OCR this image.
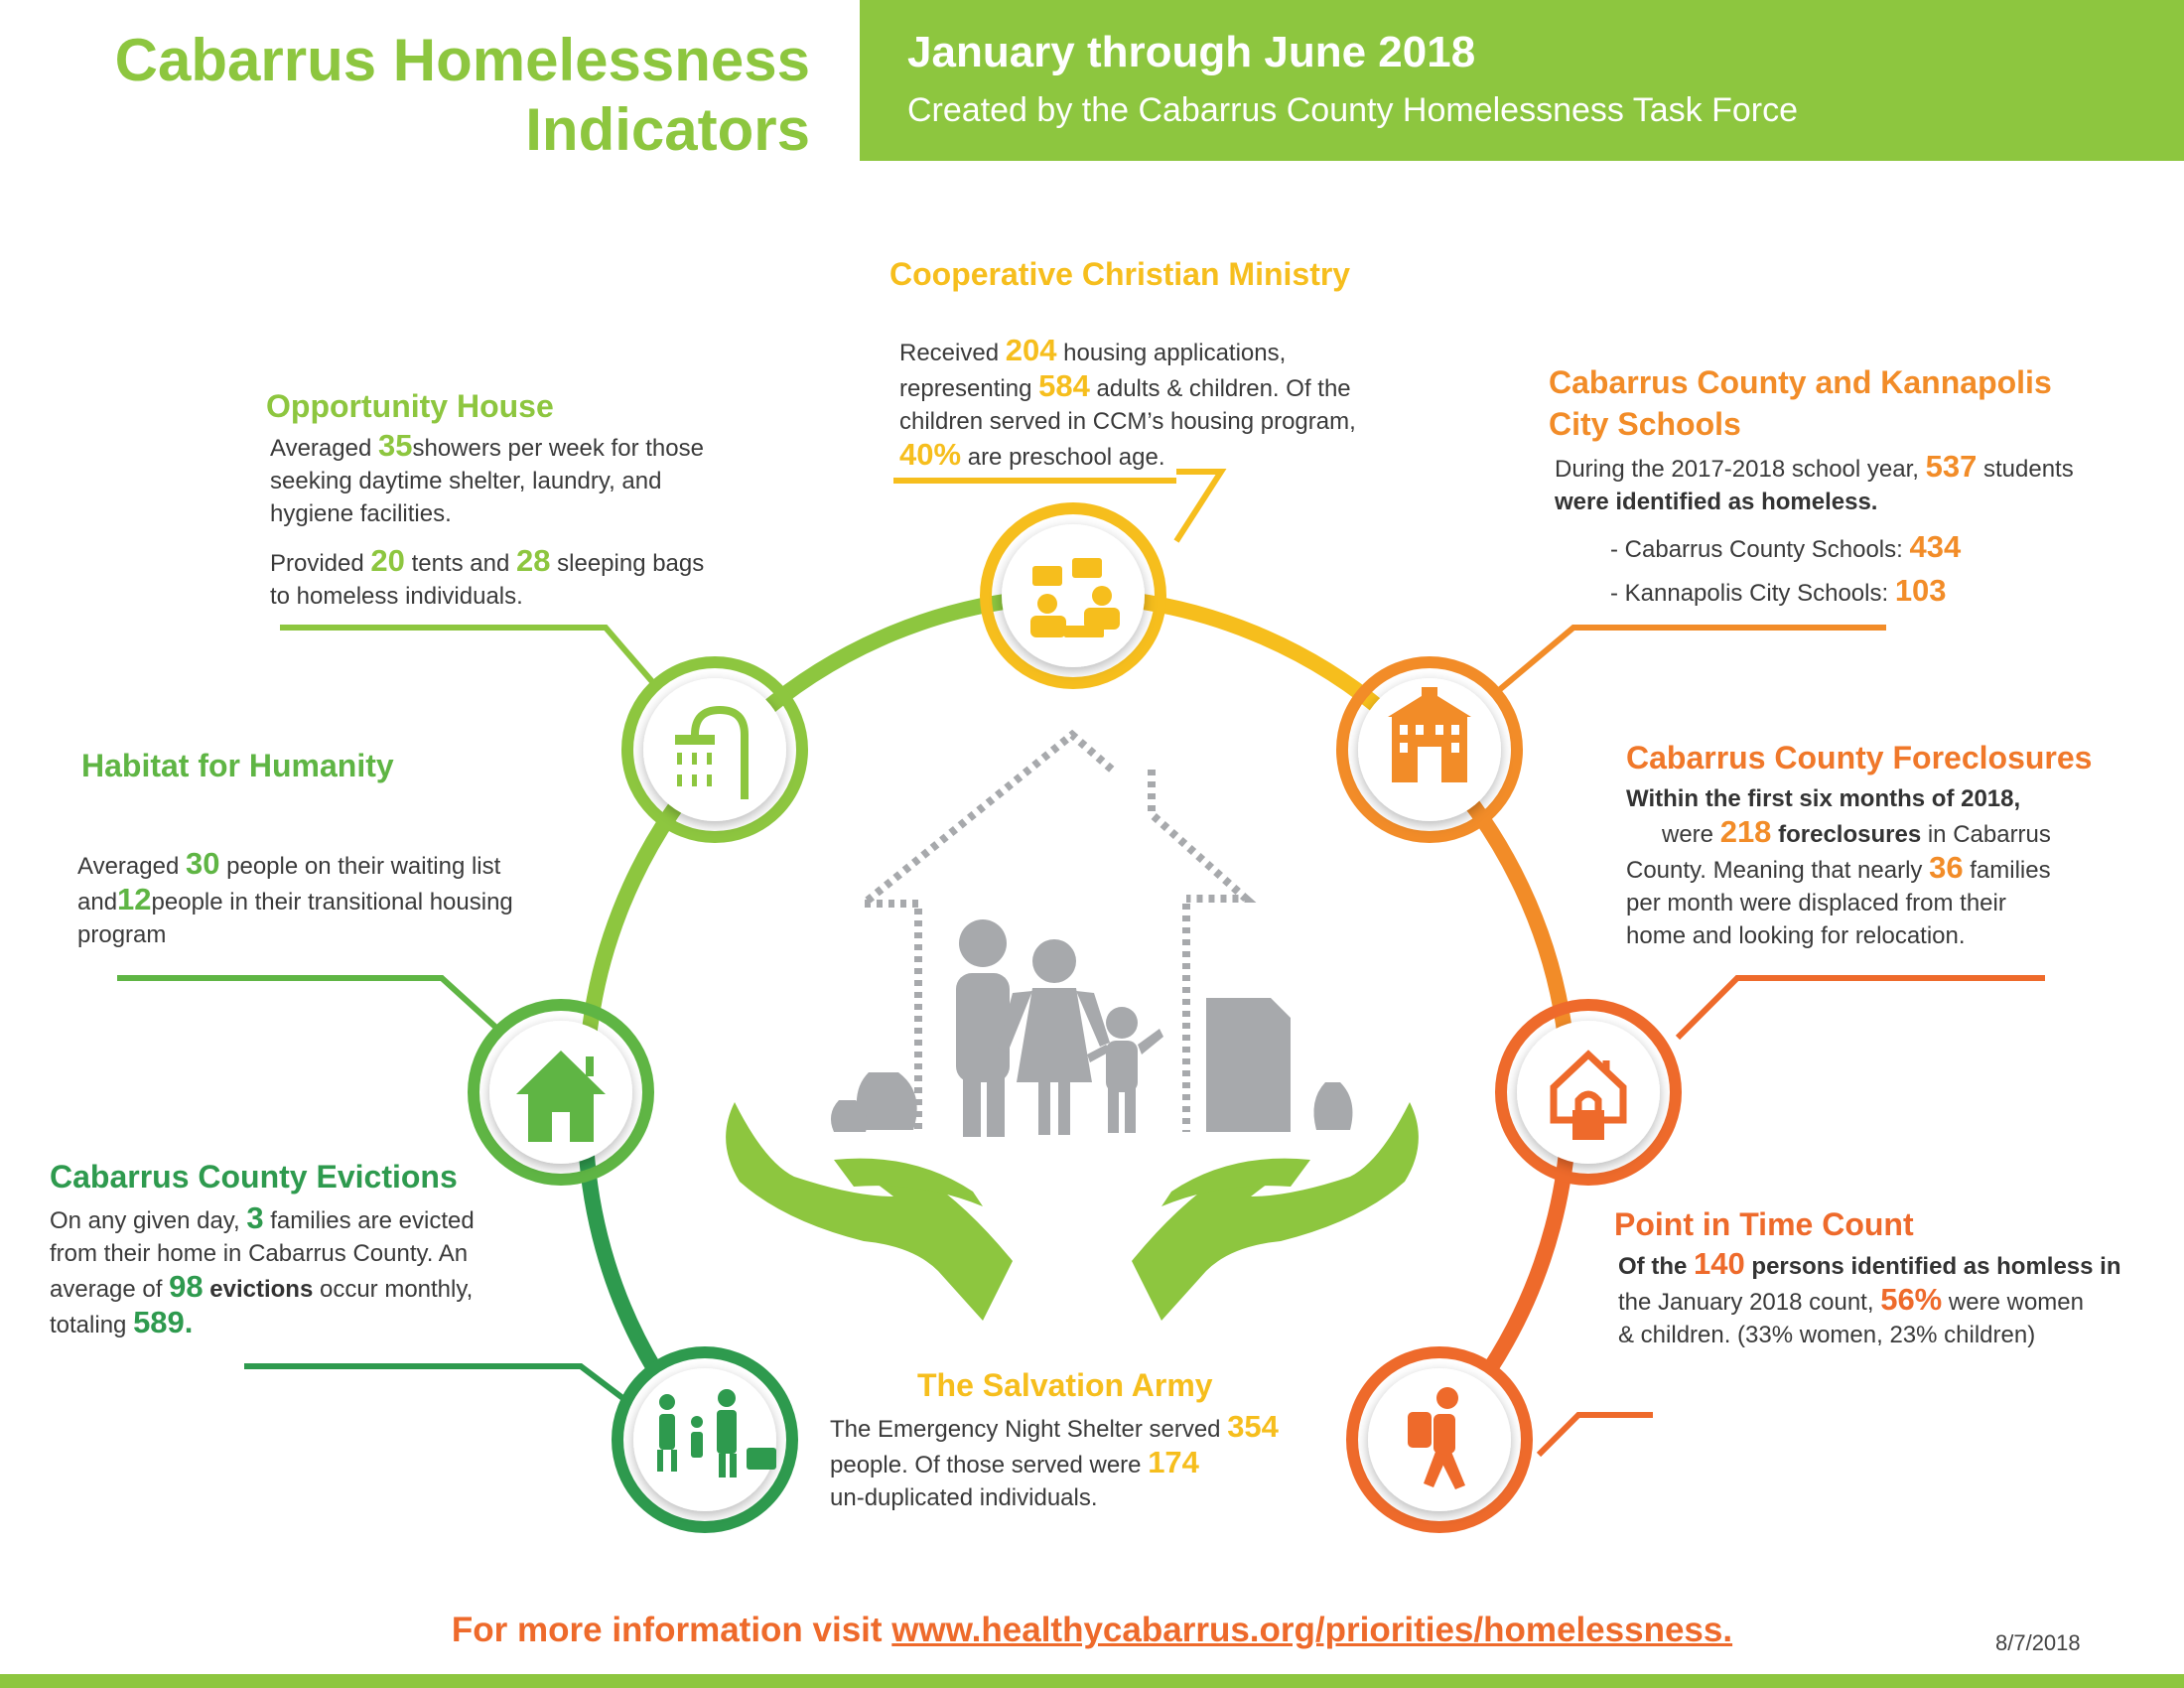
Cabarrus Homelessness
Indicators
January through June 2018
Created by the Cabarrus County Homelessness Task Force
Cooperative Christian Ministry
Received 204 housing applications,
representing 584 adults & children. Of the
children served in CCM’s housing program,
40% are preschool age.
Opportunity House
Averaged 35showers per week for those
seeking daytime shelter, laundry, and
hygiene facilities.
Provided 20 tents and 28 sleeping bags
to homeless individuals.
Habitat for Humanity
Averaged 30 people on their waiting list
and12people in their transitional housing
program
Cabarrus County Evictions
On any given day, 3 families are evicted
from their home in Cabarrus County. An
average of 98 evictions occur monthly,
totaling 589.
Cabarrus County and Kannapolis
City Schools
During the 2017-2018 school year, 537 students
were identified as homeless.
- Cabarrus County Schools: 434
- Kannapolis City Schools: 103
Cabarrus County Foreclosures
Within the first six months of 2018,
were 218 foreclosures in Cabarrus
County. Meaning that nearly 36 families
per month were displaced from their
home and looking for relocation.
Point in Time Count
Of the 140 persons identified as homless in
the January 2018 count, 56% were women
& children. (33% women, 23% children)
The Salvation Army
The Emergency Night Shelter served 354
people. Of those served were 174
un-duplicated individuals.
For more information visit www.healthycabarrus.org/priorities/homelessness.	8/7/2018
